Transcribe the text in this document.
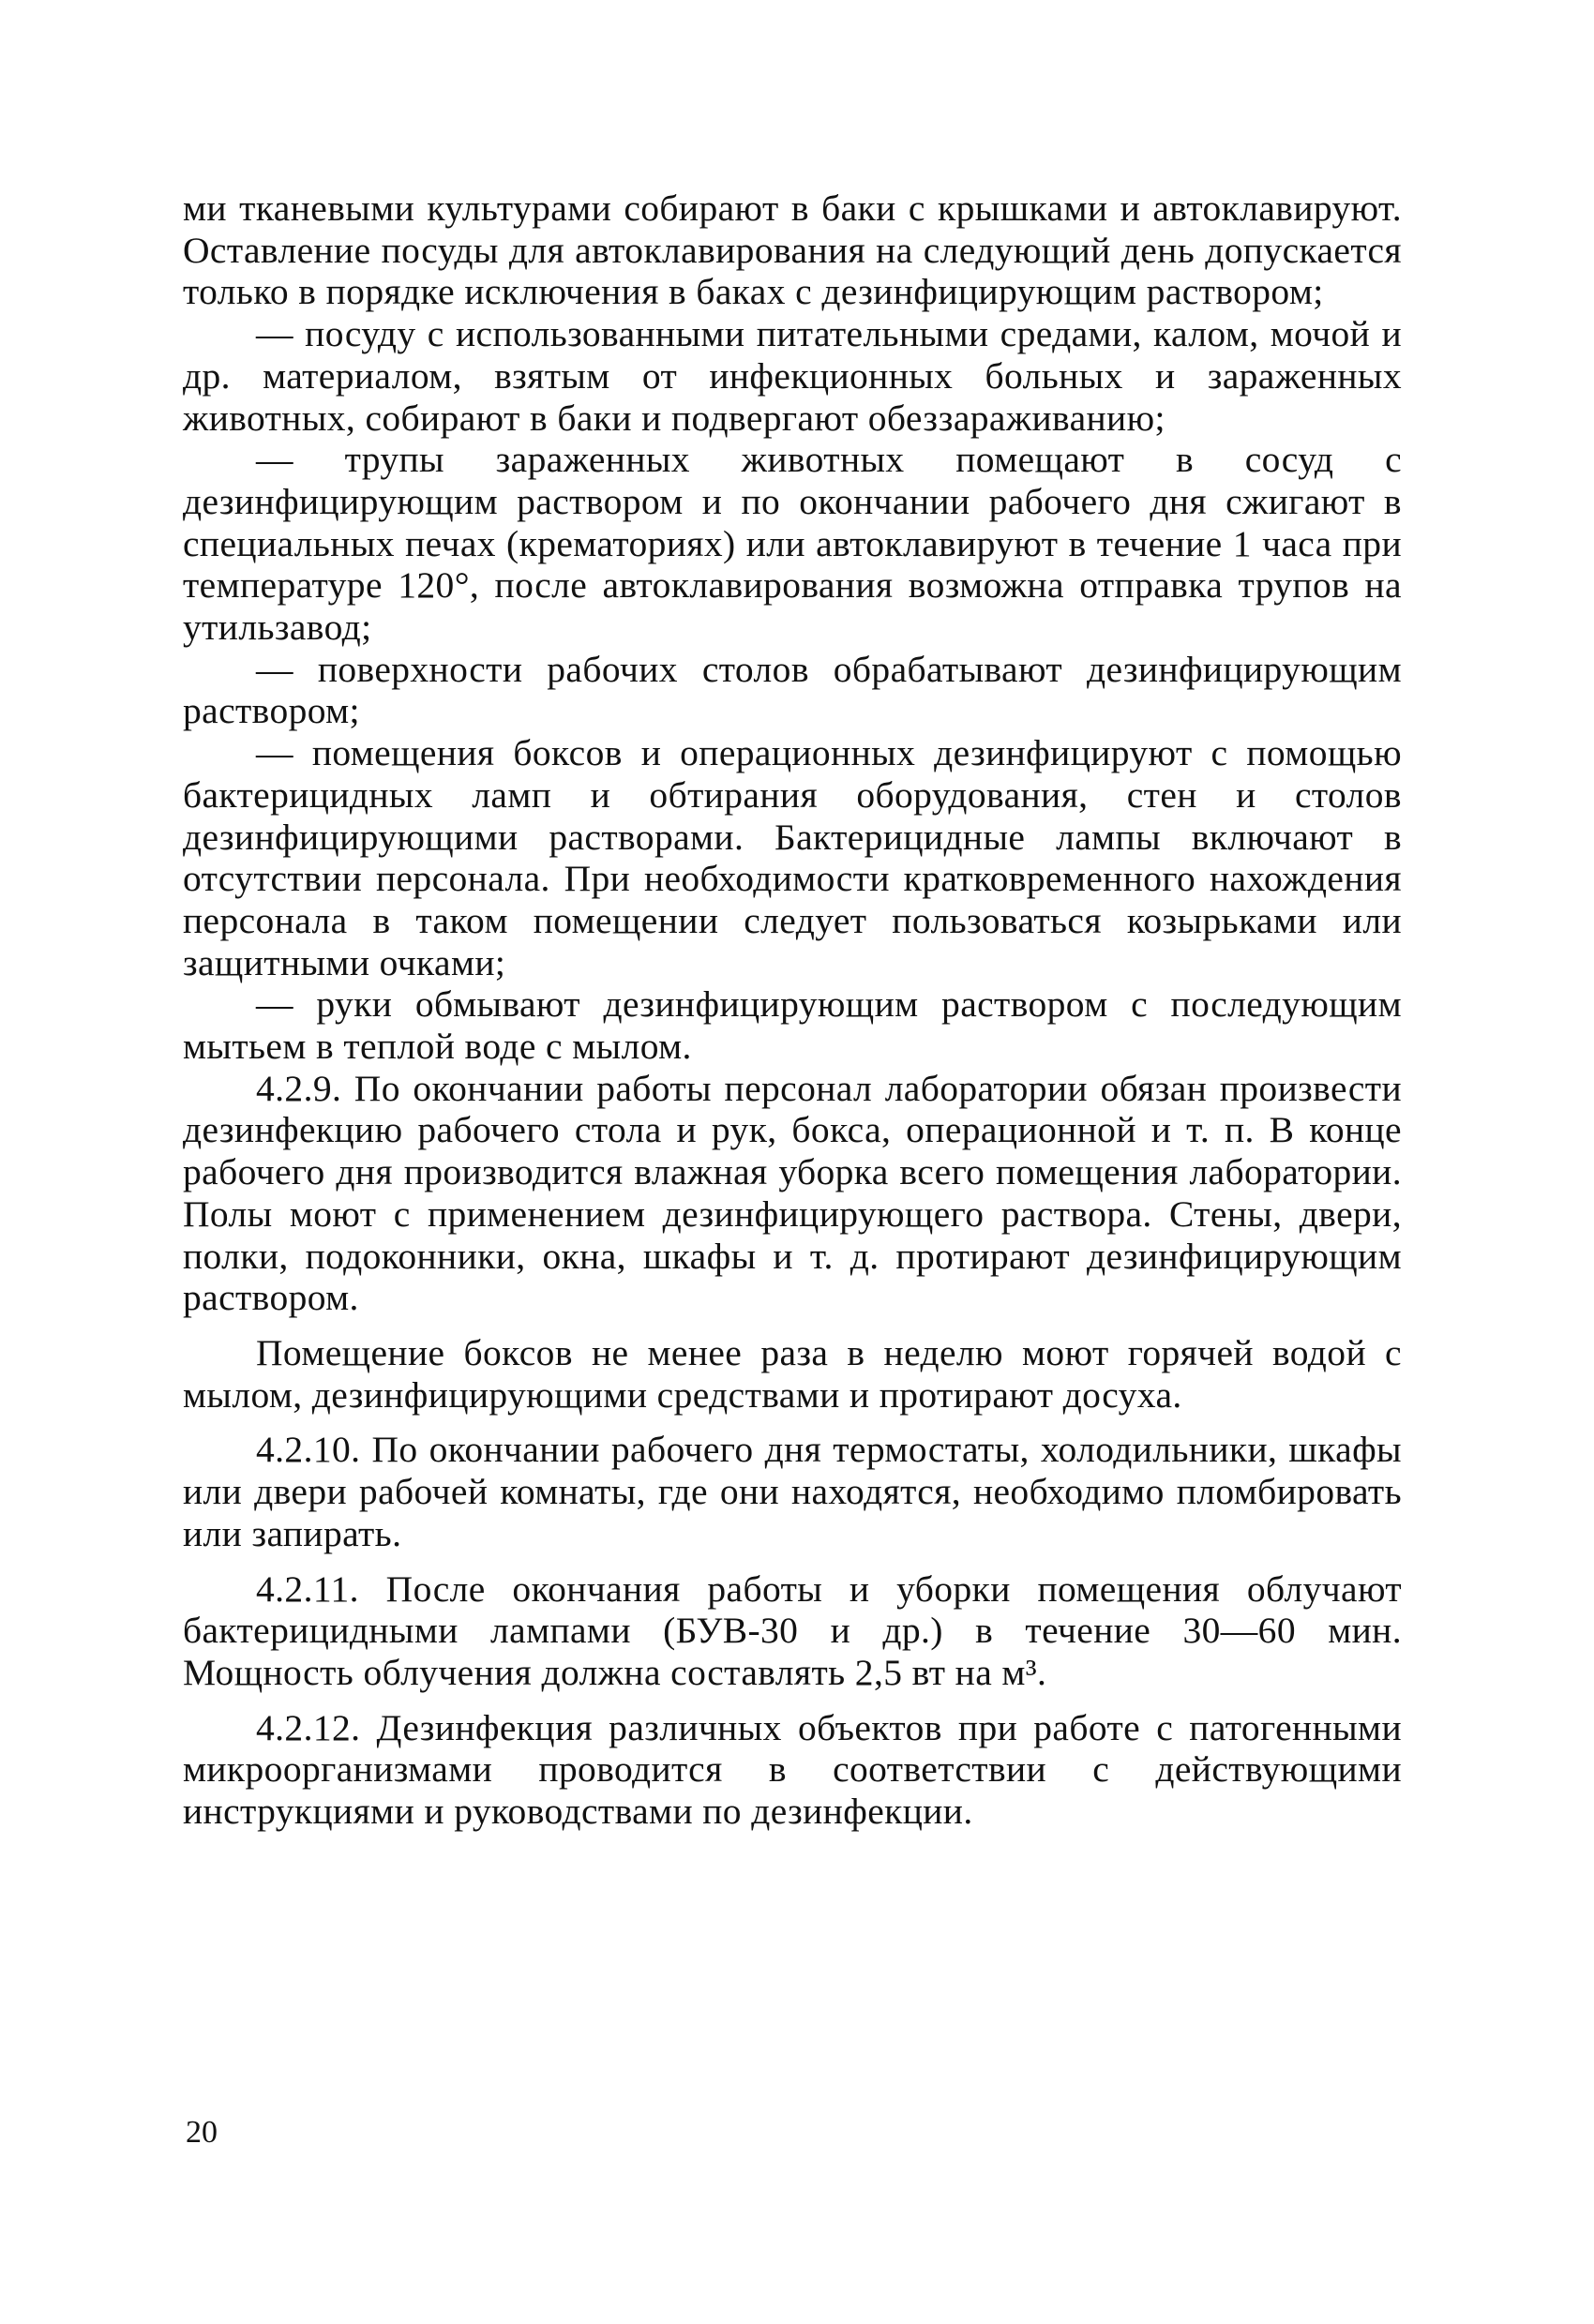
ми тканевыми культурами собирают в баки с крышками и автоклавируют. Оставление посуды для автоклавирования на следующий день допускается только в порядке исключения в баках с дезинфицирующим раствором;

— посуду с использованными питательными средами, калом, мочой и др. материалом, взятым от инфекционных больных и зараженных животных, собирают в баки и подвергают обеззараживанию;

— трупы зараженных животных помещают в сосуд с дезинфицирующим раствором и по окончании рабочего дня сжигают в специальных печах (крематориях) или автоклавируют в течение 1 часа при температуре 120°, после автоклавирования возможна отправка трупов на утильзавод;

— поверхности рабочих столов обрабатывают дезинфицирующим раствором;

— помещения боксов и операционных дезинфицируют с помощью бактерицидных ламп и обтирания оборудования, стен и столов дезинфицирующими растворами. Бактерицидные лампы включают в отсутствии персонала. При необходимости кратковременного нахождения персонала в таком помещении следует пользоваться козырьками или защитными очками;

— руки обмывают дезинфицирующим раствором с последующим мытьем в теплой воде с мылом.

4.2.9. По окончании работы персонал лаборатории обязан произвести дезинфекцию рабочего стола и рук, бокса, операционной и т. п. В конце рабочего дня производится влажная уборка всего помещения лаборатории. Полы моют с применением дезинфицирующего раствора. Стены, двери, полки, подоконники, окна, шкафы и т. д. протирают дезинфицирующим раствором.

Помещение боксов не менее раза в неделю моют горячей водой с мылом, дезинфицирующими средствами и протирают досуха.

4.2.10. По окончании рабочего дня термостаты, холодильники, шкафы или двери рабочей комнаты, где они находятся, необходимо пломбировать или запирать.

4.2.11. После окончания работы и уборки помещения облучают бактерицидными лампами (БУВ-30 и др.) в течение 30—60 мин. Мощность облучения должна составлять 2,5 вт на м³.

4.2.12. Дезинфекция различных объектов при работе с патогенными микроорганизмами проводится в соответствии с действующими инструкциями и руководствами по дезинфекции.

20
